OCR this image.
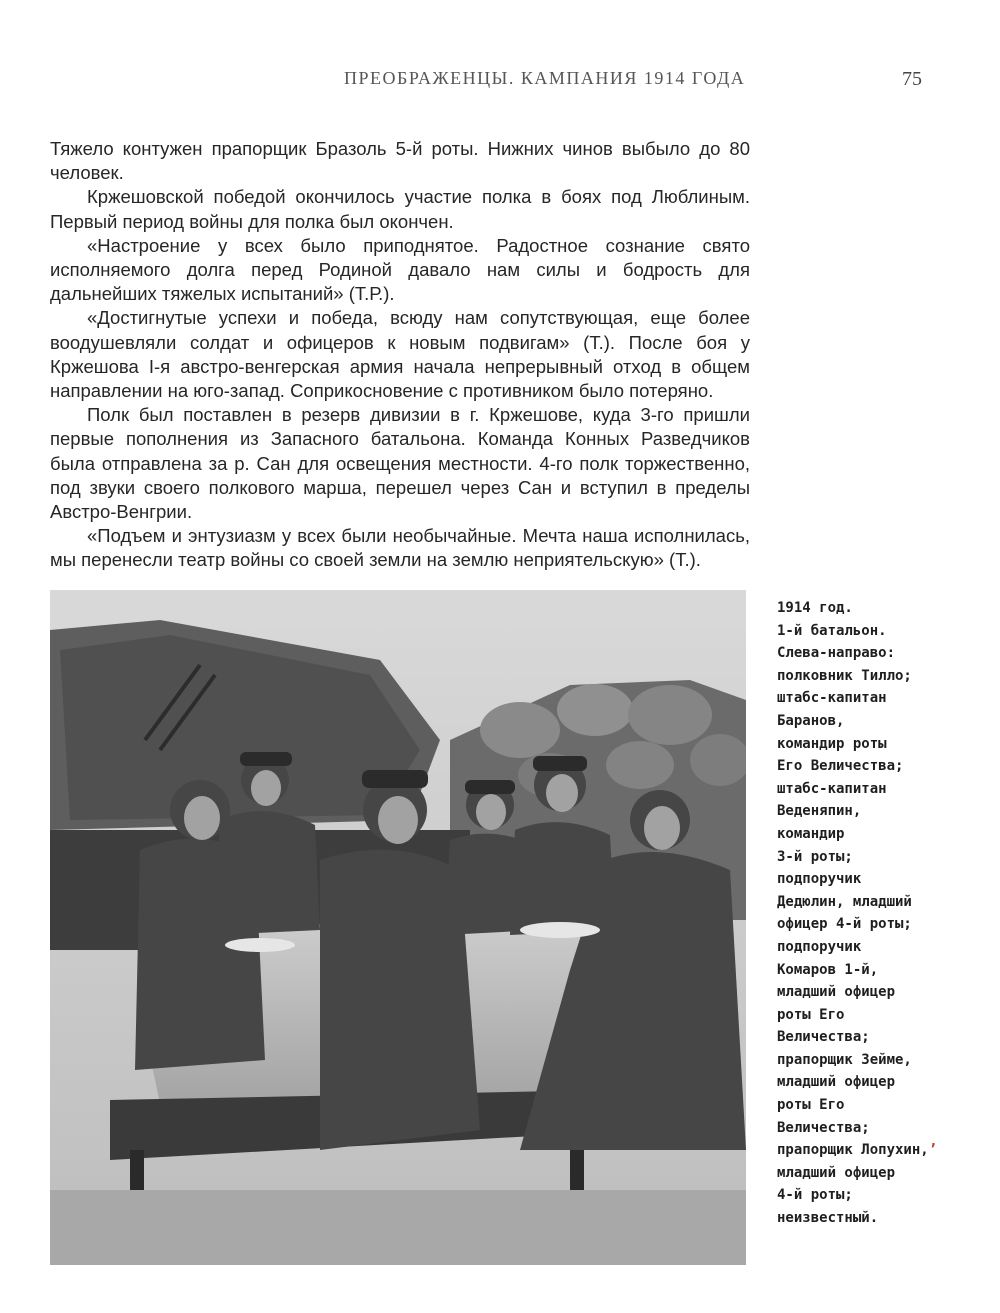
ПРЕОБРАЖЕНЦЫ. КАМПАНИЯ 1914 ГОДА	75

Тяжело контужен прапорщик Бразоль 5-й роты. Нижних чинов выбыло до 80 человек.

Кржешовской победой окончилось участие полка в боях под Люблиным. Первый период войны для полка был окончен.

«Настроение у всех было приподнятое. Радостное сознание свято исполняемого долга перед Родиной давало нам силы и бодрость для дальнейших тяжелых испытаний» (Т.Р.).

«Достигнутые успехи и победа, всюду нам сопутствующая, еще более воодушевляли солдат и офицеров к новым подвигам» (Т.). После боя у Кржешова I-я австро-венгерская армия начала непрерывный отход в общем направлении на юго-запад. Соприкосновение с противником было потеряно.

Полк был поставлен в резерв дивизии в г. Кржешове, куда 3-го пришли первые пополнения из Запасного батальона. Команда Конных Разведчиков была отправлена за р. Сан для освещения местности. 4-го полк торжественно, под звуки своего полкового марша, перешел через Сан и вступил в пределы Австро-Венгрии.

«Подъем и энтузиазм у всех были необычайные. Мечта наша исполнилась, мы перенесли театр войны со своей земли на землю неприятельскую» (Т.).

1914 год.
1-й батальон.
Слева-направо:
полковник Тилло;
штабс-капитан
Баранов,
командир роты
Его Величества;
штабс-капитан
Веденяпин,
командир
3-й роты;
подпоручик
Дедюлин, младший
офицер 4-й роты;
подпоручик
Комаров 1-й,
младший офицер
роты Его
Величества;
прапорщик Зейме,
младший офицер
роты Его
Величества;
прапорщик Лопухин,’
младший офицер
4-й роты;
неизвестный.
